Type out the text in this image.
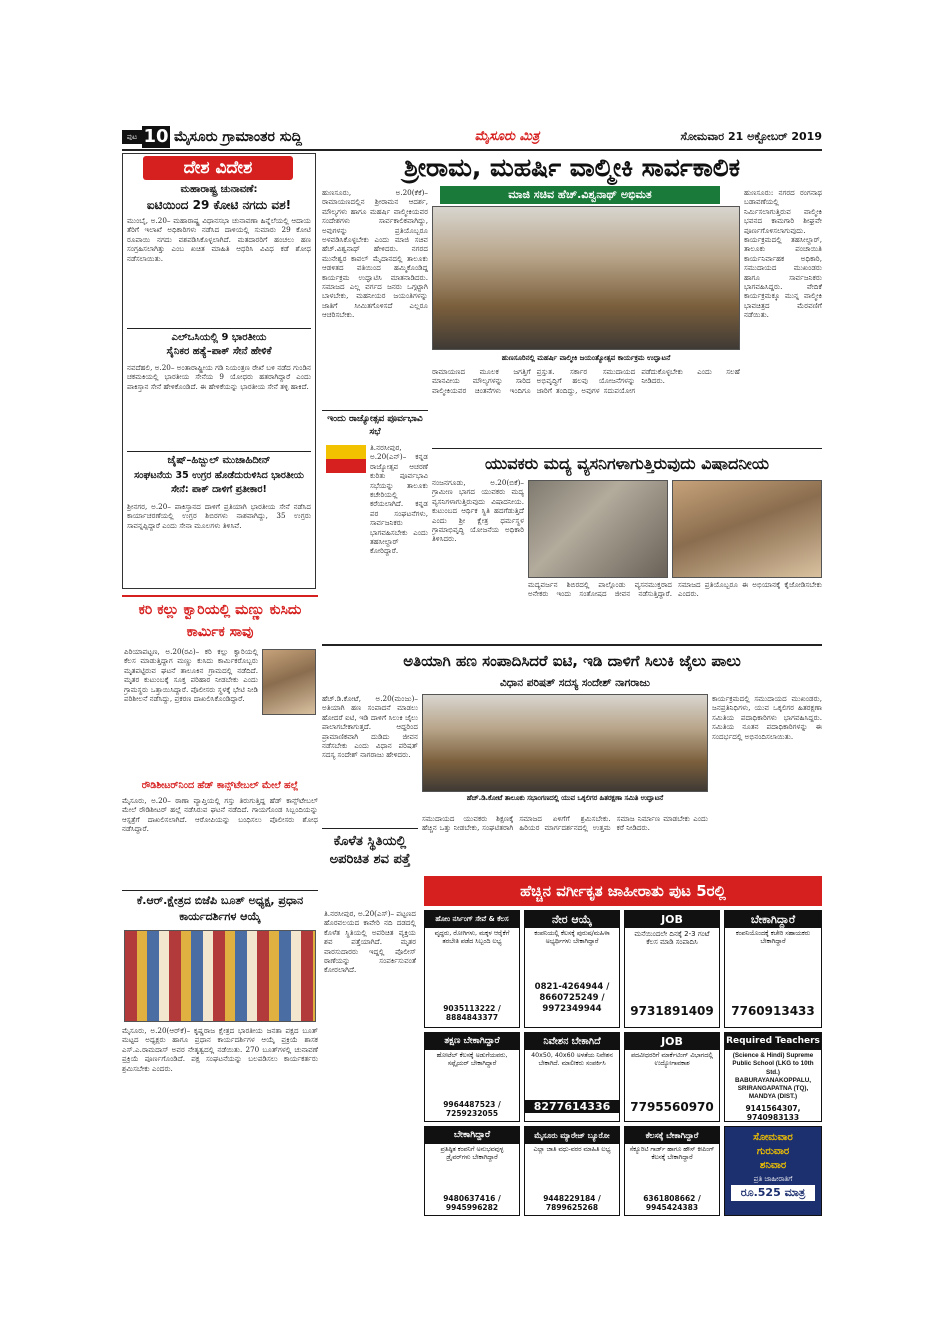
ಪುಟ 10 ಮೈಸೂರು ಗ್ರಾಮಾಂತರ ಸುದ್ದಿ	ಮೈಸೂರು ಮಿತ್ರ	ಸೋಮವಾರ 21 ಅಕ್ಟೋಬರ್ 2019
ದೇಶ ವಿದೇಶ
ಮಹಾರಾಷ್ಟ್ರ ಚುನಾವಣೆ:
ಐಟಿಯಿಂದ 29 ಕೋಟಿ ನಗದು ವಶ!
ಮುಂಬೈ, ಅ.20– ಮಹಾರಾಷ್ಟ್ರ ವಿಧಾನಸಭಾ ಚುನಾವಣಾ ಹಿನ್ನೆಲೆಯಲ್ಲಿ ಆದಾಯ ತೆರಿಗೆ ಇಲಾಖೆ ಅಧಿಕಾರಿಗಳು ನಡೆಸಿದ ದಾಳಿಯಲ್ಲಿ ಸುಮಾರು 29 ಕೋಟಿ ರೂಪಾಯಿ ನಗದು ವಶಪಡಿಸಿಕೊಳ್ಳಲಾಗಿದೆ. ಮತದಾರರಿಗೆ ಹಂಚಲು ಹಣ ಸಂಗ್ರಹಿಸಲಾಗಿತ್ತು ಎಂಬ ಖಚಿತ ಮಾಹಿತಿ ಆಧರಿಸಿ ವಿವಿಧ ಕಡೆ ಶೋಧ ನಡೆಸಲಾಯಿತು.
ಎಲ್ಒಸಿಯಲ್ಲಿ 9 ಭಾರತೀಯ
ಸೈನಿಕರ ಹತ್ಯೆ–ಪಾಕ್ ಸೇನೆ ಹೇಳಿಕೆ
ನವದೆಹಲಿ, ಅ.20– ಅಂತಾರಾಷ್ಟ್ರೀಯ ಗಡಿ ನಿಯಂತ್ರಣ ರೇಖೆ ಬಳಿ ನಡೆದ ಗುಂಡಿನ ಚಕಮಕಿಯಲ್ಲಿ ಭಾರತೀಯ ಸೇನೆಯ 9 ಯೋಧರು ಹತರಾಗಿದ್ದಾರೆ ಎಂದು ಪಾಕಿಸ್ತಾನ ಸೇನೆ ಹೇಳಿಕೊಂಡಿದೆ. ಈ ಹೇಳಿಕೆಯನ್ನು ಭಾರತೀಯ ಸೇನೆ ತಳ್ಳಿ ಹಾಕಿದೆ.
ಜೈಷ್–ಹಿಜ್ಬುಲ್ ಮುಜಾಹಿದೀನ್
ಸಂಘಟನೆಯ 35 ಉಗ್ರರ ಹೊಡೆದುರುಳಿಸಿದ ಭಾರತೀಯ ಸೇನೆ: ಪಾಕ್ ದಾಳಿಗೆ ಪ್ರತೀಕಾರ!
ಶ್ರೀನಗರ, ಅ.20– ಪಾಕಿಸ್ತಾನದ ದಾಳಿಗೆ ಪ್ರತಿಯಾಗಿ ಭಾರತೀಯ ಸೇನೆ ನಡೆಸಿದ ಕಾರ್ಯಾಚರಣೆಯಲ್ಲಿ ಉಗ್ರರ ಶಿಬಿರಗಳು ನಾಶವಾಗಿದ್ದು, 35 ಉಗ್ರರು ಸಾವನ್ನಪ್ಪಿದ್ದಾರೆ ಎಂದು ಸೇನಾ ಮೂಲಗಳು ತಿಳಿಸಿವೆ.
ಶ್ರೀರಾಮ, ಮಹರ್ಷಿ ವಾಲ್ಮೀಕಿ ಸಾರ್ವಕಾಲಿಕ
ಮಾಜಿ ಸಚಿವ ಹೆಚ್.ವಿಶ್ವನಾಥ್ ಅಭಿಮತ
ಹುಣಸೂರು, ಅ.20(ಕೆಕೆ)– ರಾಮಾಯಣದಲ್ಲಿನ ಶ್ರೀರಾಮನ ಆದರ್ಶ, ಮೌಲ್ಯಗಳು ಹಾಗೂ ಮಹರ್ಷಿ ವಾಲ್ಮೀಕಿಯವರ ಸಂದೇಶಗಳು ಸಾರ್ವಕಾಲಿಕವಾಗಿದ್ದು, ಅವುಗಳನ್ನು ಪ್ರತಿಯೊಬ್ಬರೂ ಅಳವಡಿಸಿಕೊಳ್ಳಬೇಕು ಎಂದು ಮಾಜಿ ಸಚಿವ ಹೆಚ್.ವಿಶ್ವನಾಥ್ ಹೇಳಿದರು. ನಗರದ ಮುನೇಶ್ವರ ಕಾವಲ್ ಮೈದಾನದಲ್ಲಿ ತಾಲೂಕು ಆಡಳಿತದ ವತಿಯಿಂದ ಹಮ್ಮಿಕೊಂಡಿದ್ದ ಕಾರ್ಯಕ್ರಮ ಉದ್ಘಾಟಿಸಿ ಮಾತನಾಡಿದರು. ಸಮಾಜದ ಎಲ್ಲ ವರ್ಗದ ಜನರು ಒಗ್ಗಟ್ಟಾಗಿ ಬಾಳಬೇಕು, ಮಹನೀಯರ ಜಯಂತಿಗಳನ್ನು ಜಾತಿಗೆ ಸೀಮಿತಗೊಳಿಸದೆ ಎಲ್ಲರೂ ಆಚರಿಸಬೇಕು.
ಹುಣಸೂರಿನಲ್ಲಿ ಮಹರ್ಷಿ ವಾಲ್ಮೀಕಿ ಜಯಂತ್ಯೋತ್ಸವ ಕಾರ್ಯಕ್ರಮ ಉದ್ಘಾಟನೆ
ರಾಮಾಯಣದ ಮೂಲಕ ಜಗತ್ತಿಗೆ ಮಾನವೀಯ ಮೌಲ್ಯಗಳನ್ನು ಸಾರಿದ ವಾಲ್ಮೀಕಿಯವರ ಚಿಂತನೆಗಳು ಇಂದಿಗೂ ಪ್ರಸ್ತುತ. ಸರ್ಕಾರ ಸಮುದಾಯದ ಅಭಿವೃದ್ಧಿಗೆ ಹಲವು ಯೋಜನೆಗಳನ್ನು ಜಾರಿಗೆ ತಂದಿದ್ದು, ಅವುಗಳ ಸದುಪಯೋಗ ಪಡೆದುಕೊಳ್ಳಬೇಕು ಎಂದು ಸಲಹೆ ನೀಡಿದರು.
ಹುಣಸೂರು: ನಗರದ ರಂಗನಾಥ ಬಡಾವಣೆಯಲ್ಲಿ ನಿರ್ಮಿಸಲಾಗುತ್ತಿರುವ ವಾಲ್ಮೀಕಿ ಭವನದ ಕಾಮಗಾರಿ ಶೀಘ್ರವೇ ಪೂರ್ಣಗೊಳಿಸಲಾಗುವುದು. ಕಾರ್ಯಕ್ರಮದಲ್ಲಿ ತಹಸೀಲ್ದಾರ್, ತಾಲೂಕು ಪಂಚಾಯಿತಿ ಕಾರ್ಯನಿರ್ವಾಹಕ ಅಧಿಕಾರಿ, ಸಮುದಾಯದ ಮುಖಂಡರು ಹಾಗೂ ಸಾರ್ವಜನಿಕರು ಭಾಗವಹಿಸಿದ್ದರು. ವೇದಿಕೆ ಕಾರ್ಯಕ್ರಮಕ್ಕೂ ಮುನ್ನ ವಾಲ್ಮೀಕಿ ಭಾವಚಿತ್ರದ ಮೆರವಣಿಗೆ ನಡೆಯಿತು.
ಇಂದು ರಾಜ್ಯೋತ್ಸವ ಪೂರ್ವಭಾವಿ ಸಭೆ
ತಿ.ನರಸೀಪುರ, ಅ.20(ಎನ್)– ಕನ್ನಡ ರಾಜ್ಯೋತ್ಸವ ಆಚರಣೆ ಕುರಿತು ಪೂರ್ವಭಾವಿ ಸಭೆಯನ್ನು ತಾಲೂಕು ಕಚೇರಿಯಲ್ಲಿ ಕರೆಯಲಾಗಿದೆ. ಕನ್ನಡ ಪರ ಸಂಘಟನೆಗಳು, ಸಾರ್ವಜನಿಕರು ಭಾಗವಹಿಸಬೇಕು ಎಂದು ತಹಸೀಲ್ದಾರ್ ಕೋರಿದ್ದಾರೆ.
ಯುವಕರು ಮದ್ಯ ವ್ಯಸನಿಗಳಾಗುತ್ತಿರುವುದು ವಿಷಾದನೀಯ
ನಂಜನಗೂಡು, ಅ.20(ಬಿಕೆ)– ಗ್ರಾಮೀಣ ಭಾಗದ ಯುವಕರು ಮದ್ಯ ವ್ಯಸನಿಗಳಾಗುತ್ತಿರುವುದು ವಿಷಾದನೀಯ. ಕುಟುಂಬದ ಆರ್ಥಿಕ ಸ್ಥಿತಿ ಹದಗೆಡುತ್ತಿದೆ ಎಂದು ಶ್ರೀ ಕ್ಷೇತ್ರ ಧರ್ಮಸ್ಥಳ ಗ್ರಾಮಾಭಿವೃದ್ಧಿ ಯೋಜನೆಯ ಅಧಿಕಾರಿ ತಿಳಿಸಿದರು.
ಮದ್ಯವರ್ಜನ ಶಿಬಿರದಲ್ಲಿ ಪಾಲ್ಗೊಂಡು ವ್ಯಸನಮುಕ್ತರಾದ ಅನೇಕರು ಇಂದು ಸಂತೋಷದ ಜೀವನ ನಡೆಸುತ್ತಿದ್ದಾರೆ. ಸಮಾಜದ ಪ್ರತಿಯೊಬ್ಬರೂ ಈ ಅಭಿಯಾನಕ್ಕೆ ಕೈಜೋಡಿಸಬೇಕು ಎಂದರು.
ಕರಿ ಕಲ್ಲು ಕ್ವಾರಿಯಲ್ಲಿ ಮಣ್ಣು ಕುಸಿದು ಕಾರ್ಮಿಕ ಸಾವು
ಪಿರಿಯಾಪಟ್ಟಣ, ಅ.20(ರವಿ)– ಕರಿ ಕಲ್ಲು ಕ್ವಾರಿಯಲ್ಲಿ ಕೆಲಸ ಮಾಡುತ್ತಿದ್ದಾಗ ಮಣ್ಣು ಕುಸಿದು ಕಾರ್ಮಿಕರೊಬ್ಬರು ಮೃತಪಟ್ಟಿರುವ ಘಟನೆ ತಾಲೂಕಿನ ಗ್ರಾಮದಲ್ಲಿ ನಡೆದಿದೆ. ಮೃತರ ಕುಟುಂಬಕ್ಕೆ ಸೂಕ್ತ ಪರಿಹಾರ ನೀಡಬೇಕು ಎಂದು ಗ್ರಾಮಸ್ಥರು ಒತ್ತಾಯಿಸಿದ್ದಾರೆ. ಪೊಲೀಸರು ಸ್ಥಳಕ್ಕೆ ಭೇಟಿ ನೀಡಿ ಪರಿಶೀಲನೆ ನಡೆಸಿದ್ದು, ಪ್ರಕರಣ ದಾಖಲಿಸಿಕೊಂಡಿದ್ದಾರೆ.
ರೌಡಿಶೀಟರ್‌ನಿಂದ ಹೆಡ್ ಕಾನ್ಸ್‌ಟೇಬಲ್ ಮೇಲೆ ಹಲ್ಲೆ
ಮೈಸೂರು, ಅ.20– ಠಾಣಾ ವ್ಯಾಪ್ತಿಯಲ್ಲಿ ಗಸ್ತು ತಿರುಗುತ್ತಿದ್ದ ಹೆಡ್ ಕಾನ್ಸ್‌ಟೇಬಲ್ ಮೇಲೆ ರೌಡಿಶೀಟರ್ ಹಲ್ಲೆ ನಡೆಸಿರುವ ಘಟನೆ ನಡೆದಿದೆ. ಗಾಯಗೊಂಡ ಸಿಬ್ಬಂದಿಯನ್ನು ಆಸ್ಪತ್ರೆಗೆ ದಾಖಲಿಸಲಾಗಿದೆ. ಆರೋಪಿಯನ್ನು ಬಂಧಿಸಲು ಪೊಲೀಸರು ಶೋಧ ನಡೆಸಿದ್ದಾರೆ.
ಕೆ.ಆರ್.ಕ್ಷೇತ್ರದ ಬಿಜೆಪಿ ಬೂತ್ ಅಧ್ಯಕ್ಷ, ಪ್ರಧಾನ ಕಾರ್ಯದರ್ಶಿಗಳ ಆಯ್ಕೆ
ಮೈಸೂರು, ಅ.20(ಆರ್‌ಕೆ)– ಕೃಷ್ಣರಾಜ ಕ್ಷೇತ್ರದ ಭಾರತೀಯ ಜನತಾ ಪಕ್ಷದ ಬೂತ್ ಮಟ್ಟದ ಅಧ್ಯಕ್ಷರು ಹಾಗೂ ಪ್ರಧಾನ ಕಾರ್ಯದರ್ಶಿಗಳ ಆಯ್ಕೆ ಪ್ರಕ್ರಿಯೆ ಶಾಸಕ ಎಸ್.ಎ.ರಾಮದಾಸ್ ಅವರ ನೇತೃತ್ವದಲ್ಲಿ ನಡೆಯಿತು. 270 ಬೂತ್‌ಗಳಲ್ಲಿ ಚುನಾವಣೆ ಪ್ರಕ್ರಿಯೆ ಪೂರ್ಣಗೊಂಡಿದೆ. ಪಕ್ಷ ಸಂಘಟನೆಯನ್ನು ಬಲಪಡಿಸಲು ಕಾರ್ಯಕರ್ತರು ಶ್ರಮಿಸಬೇಕು ಎಂದರು.
ಅತಿಯಾಗಿ ಹಣ ಸಂಪಾದಿಸಿದರೆ ಐಟಿ, ಇಡಿ ದಾಳಿಗೆ ಸಿಲುಕಿ ಜೈಲು ಪಾಲು
ವಿಧಾನ ಪರಿಷತ್ ಸದಸ್ಯ ಸಂದೇಶ್ ನಾಗರಾಜು
ಹೆಚ್.ಡಿ.ಕೋಟೆ, ಅ.20(ಮಂಜು)– ಅತಿಯಾಗಿ ಹಣ ಸಂಪಾದನೆ ಮಾಡಲು ಹೋದರೆ ಐಟಿ, ಇಡಿ ದಾಳಿಗೆ ಸಿಲುಕಿ ಜೈಲು ಪಾಲಾಗಬೇಕಾಗುತ್ತದೆ. ಆದ್ದರಿಂದ ಪ್ರಾಮಾಣಿಕವಾಗಿ ದುಡಿದು ಜೀವನ ನಡೆಸಬೇಕು ಎಂದು ವಿಧಾನ ಪರಿಷತ್ ಸದಸ್ಯ ಸಂದೇಶ್ ನಾಗರಾಜು ಹೇಳಿದರು.
ಹೆಚ್.ಡಿ.ಕೋಟೆ ತಾಲೂಕು ಸಭಾಂಗಣದಲ್ಲಿ ಯುವ ಒಕ್ಕಲಿಗರ ಹಿತರಕ್ಷಣಾ ಸಮಿತಿ ಉದ್ಘಾಟನೆ
ಸಮುದಾಯದ ಯುವಕರು ಶಿಕ್ಷಣಕ್ಕೆ ಹೆಚ್ಚಿನ ಒತ್ತು ನೀಡಬೇಕು, ಸಂಘಟಿತರಾಗಿ ಸಮಾಜದ ಏಳಿಗೆಗೆ ಶ್ರಮಿಸಬೇಕು. ಹಿರಿಯರ ಮಾರ್ಗದರ್ಶನದಲ್ಲಿ ಉತ್ತಮ ಸಮಾಜ ನಿರ್ಮಾಣ ಮಾಡಬೇಕು ಎಂದು ಕರೆ ನೀಡಿದರು.
ಕಾರ್ಯಕ್ರಮದಲ್ಲಿ ಸಮುದಾಯದ ಮುಖಂಡರು, ಜನಪ್ರತಿನಿಧಿಗಳು, ಯುವ ಒಕ್ಕಲಿಗರ ಹಿತರಕ್ಷಣಾ ಸಮಿತಿಯ ಪದಾಧಿಕಾರಿಗಳು ಭಾಗವಹಿಸಿದ್ದರು. ಸಮಿತಿಯ ನೂತನ ಪದಾಧಿಕಾರಿಗಳನ್ನು ಈ ಸಂದರ್ಭದಲ್ಲಿ ಅಭಿನಂದಿಸಲಾಯಿತು.
ಕೊಳೆತ ಸ್ಥಿತಿಯಲ್ಲಿ ಅಪರಿಚಿತ ಶವ ಪತ್ತೆ
ತಿ.ನರಸೀಪುರ, ಅ.20(ಎಸ್)– ಪಟ್ಟಣದ ಹೊರವಲಯದ ಕಾವೇರಿ ನದಿ ದಡದಲ್ಲಿ ಕೊಳೆತ ಸ್ಥಿತಿಯಲ್ಲಿ ಅಪರಿಚಿತ ವ್ಯಕ್ತಿಯ ಶವ ಪತ್ತೆಯಾಗಿದೆ. ಮೃತರ ವಾರಸುದಾರರು ಇದ್ದಲ್ಲಿ ಪೊಲೀಸ್ ಠಾಣೆಯನ್ನು ಸಂಪರ್ಕಿಸುವಂತೆ ಕೋರಲಾಗಿದೆ.
ಹೆಚ್ಚಿನ ವರ್ಗೀಕೃತ ಜಾಹೀರಾತು ಪುಟ 5ರಲ್ಲಿ
ಹೋಂ ನರ್ಸಿಂಗ್ ಸೇವೆ & ಕೆಲಸ
ವೃದ್ಧರು, ರೋಗಿಗಳು, ಮಕ್ಕಳ ಆರೈಕೆಗೆ ತರಬೇತಿ ಪಡೆದ ಸಿಬ್ಬಂದಿ ಲಭ್ಯ
9035113222 / 8884843377
ನೇರ ಆಯ್ಕೆ
ಕಂಪನಿಯಲ್ಲಿ ಕೆಲಸಕ್ಕೆ ಪುರುಷ/ಮಹಿಳಾ ಅಭ್ಯರ್ಥಿಗಳು ಬೇಕಾಗಿದ್ದಾರೆ
0821-4264944 / 8660725249 / 9972349944
JOB
ಮನೆಯಿಂದಲೇ ದಿನಕ್ಕೆ 2-3 ಗಂಟೆ ಕೆಲಸ ಮಾಡಿ ಸಂಪಾದಿಸಿ
9731891409
ಬೇಕಾಗಿದ್ದಾರೆ
ಕಂಪನಿಯೊಂದಕ್ಕೆ ಕಚೇರಿ ಸಹಾಯಕರು ಬೇಕಾಗಿದ್ದಾರೆ
7760913433
ತಕ್ಷಣ ಬೇಕಾಗಿದ್ದಾರೆ
ಹೋಟೆಲ್ ಕೆಲಸಕ್ಕೆ ಅಡುಗೆಯವರು, ಸಪ್ಲೈಯರ್ ಬೇಕಾಗಿದ್ದಾರೆ
9964487523 / 7259232055
ನಿವೇಶನ ಬೇಕಾಗಿದೆ
40x50, 40x60 ಅಳತೆಯ ನಿವೇಶನ ಬೇಕಾಗಿದೆ. ಮಾಲೀಕರು ಸಂಪರ್ಕಿಸಿ
8277614336
JOB
ಪದವೀಧರರಿಗೆ ಮಾರ್ಕೆಟಿಂಗ್ ವಿಭಾಗದಲ್ಲಿ ಉದ್ಯೋಗಾವಕಾಶ
7795560970
Required Teachers
(Science & Hindi) Supreme Public School (LKG to 10th Std.) BABURAYANAKOPPALU, SRIRANGAPATNA (TQ), MANDYA (DIST.)
9141564307, 9740983133
ಬೇಕಾಗಿದ್ದಾರೆ
ಪ್ರತಿಷ್ಠಿತ ಕಂಪನಿಗೆ ಅನುಭವವುಳ್ಳ ಡ್ರೈವರ್‌ಗಳು ಬೇಕಾಗಿದ್ದಾರೆ
9480637416 / 9945996282
ಮೈಸೂರು ಮ್ಯಾರೇಜ್ ಬ್ಯೂರೋ
ಎಲ್ಲಾ ಜಾತಿ ವಧು-ವರರ ಮಾಹಿತಿ ಲಭ್ಯ
9448229184 / 7899625268
ಕೆಲಸಕ್ಕೆ ಬೇಕಾಗಿದ್ದಾರೆ
ಸೆಕ್ಯೂರಿಟಿ ಗಾರ್ಡ್ ಹಾಗೂ ಹೌಸ್ ಕೀಪಿಂಗ್ ಕೆಲಸಕ್ಕೆ ಬೇಕಾಗಿದ್ದಾರೆ
6361808662 / 9945424383
ಸೋಮವಾರ
ಗುರುವಾರ
ಶನಿವಾರ
ಪ್ರತಿ ಜಾಹೀರಾತಿಗೆ
ರೂ.525 ಮಾತ್ರ
